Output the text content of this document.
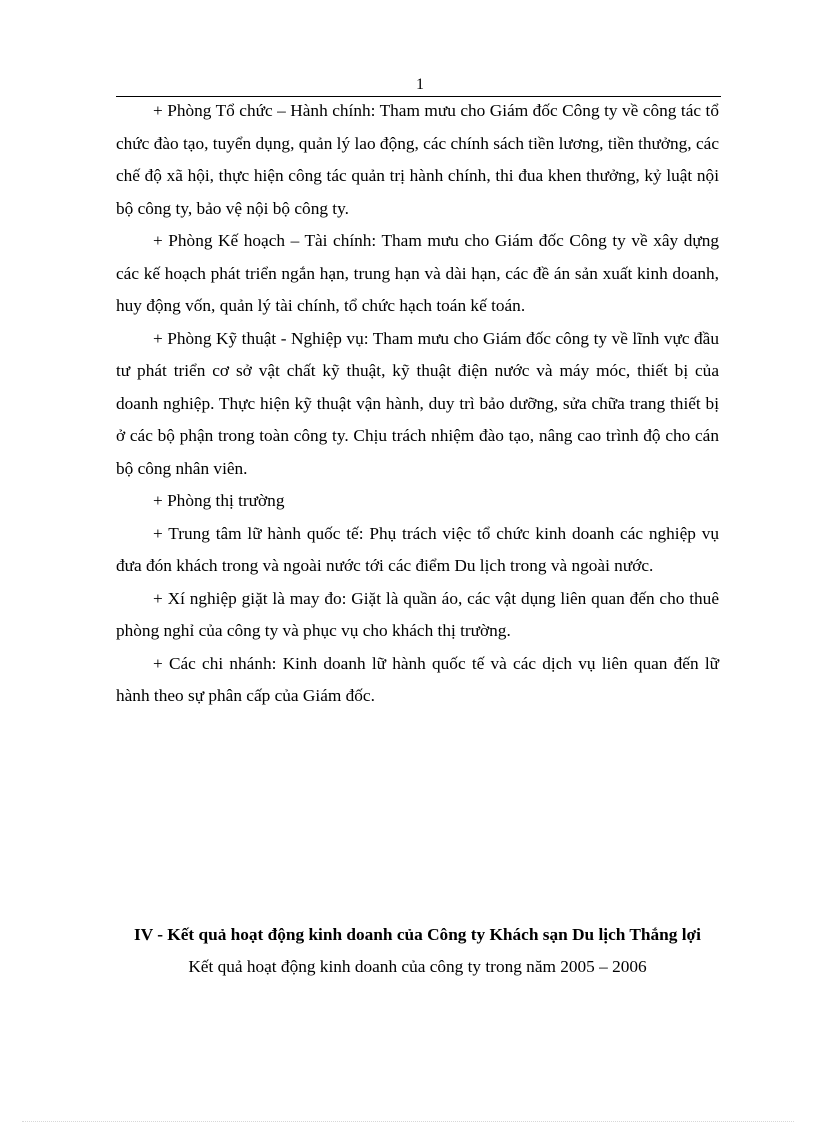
1

+ Phòng Tổ chức – Hành chính: Tham mưu cho Giám đốc Công ty về công tác tổ chức đào tạo, tuyển dụng, quản lý lao động, các chính sách tiền lương, tiền thưởng, các chế độ xã hội, thực hiện công tác quản trị hành chính, thi đua khen thưởng, kỷ luật nội bộ công ty, bảo vệ nội bộ công ty.

+ Phòng Kế hoạch – Tài chính: Tham mưu cho Giám đốc Công ty về xây dựng các kế hoạch phát triển ngắn hạn, trung hạn và dài hạn, các đề án sản xuất kinh doanh, huy động vốn, quản lý tài chính, tổ chức hạch toán kế toán.

+ Phòng Kỹ thuật - Nghiệp vụ: Tham mưu cho Giám đốc công ty về lĩnh vực đầu tư phát triển cơ sở vật chất kỹ thuật, kỹ thuật điện nước và máy móc, thiết bị của doanh nghiệp. Thực hiện kỹ thuật vận hành, duy trì bảo dưỡng, sửa chữa trang thiết bị ở các bộ phận trong toàn công ty. Chịu trách nhiệm đào tạo, nâng cao trình độ cho cán bộ công nhân viên.

+ Phòng thị trường

+ Trung tâm lữ hành quốc tế: Phụ trách việc tổ chức kinh doanh các nghiệp vụ đưa đón khách trong và ngoài nước tới các điểm Du lịch trong và ngoài nước.

+ Xí nghiệp giặt là may đo: Giặt là quần áo, các vật dụng liên quan đến cho thuê phòng nghỉ của công ty và phục vụ cho khách thị trường.

+ Các chi nhánh: Kinh doanh lữ hành quốc tế và các dịch vụ liên quan đến lữ hành theo sự phân cấp của Giám đốc.

IV - Kết quả hoạt động kinh doanh của Công ty Khách sạn Du lịch Thắng lợi

Kết quả hoạt động kinh doanh của công ty trong năm 2005 – 2006
